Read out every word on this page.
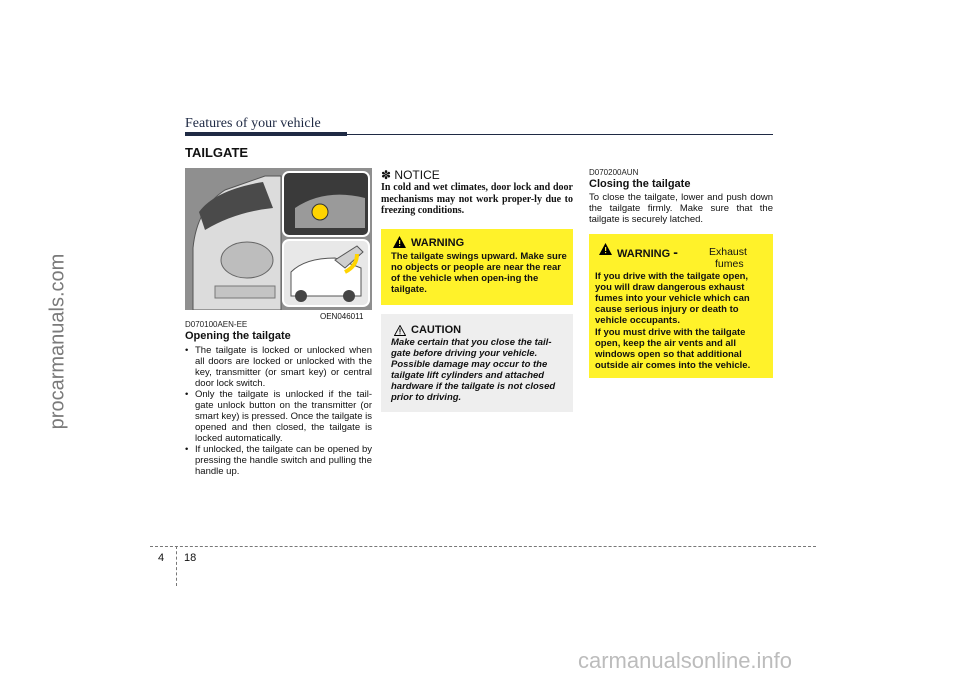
Features of your vehicle
TAILGATE
OEN046011
D070100AEN-EE
Opening the tailgate
• The tailgate is locked or unlocked when all doors are locked or unlocked with the key, transmitter (or smart key) or central door lock switch.
• Only the tailgate is unlocked if the tail-gate unlock button on the transmitter (or smart key) is pressed. Once the tailgate is opened and then closed, the tailgate is locked automatically.
• If unlocked, the tailgate can be opened by pressing the handle switch and pulling the handle up.
✽ NOTICE
In cold and wet climates, door lock and door mechanisms may not work proper-ly due to freezing conditions.
WARNING
The tailgate swings upward. Make sure no objects or people are near the rear of the vehicle when open-ing the tailgate.
CAUTION
Make certain that you close the tail-gate before driving your vehicle. Possible damage may occur to the tailgate lift cylinders and attached hardware if the tailgate is not closed prior to driving.
D070200AUN
Closing the tailgate
To close the tailgate, lower and push down the tailgate firmly. Make sure that the tailgate is securely latched.
WARNING -	Exhaust
fumes
If you drive with the tailgate open, you will draw dangerous exhaust fumes into your vehicle which can cause serious injury or death to vehicle occupants.
If you must drive with the tailgate open, keep the air vents and all windows open so that additional outside air comes into the vehicle.
4 18
procarmanuals.com
carmanualsonline.info
